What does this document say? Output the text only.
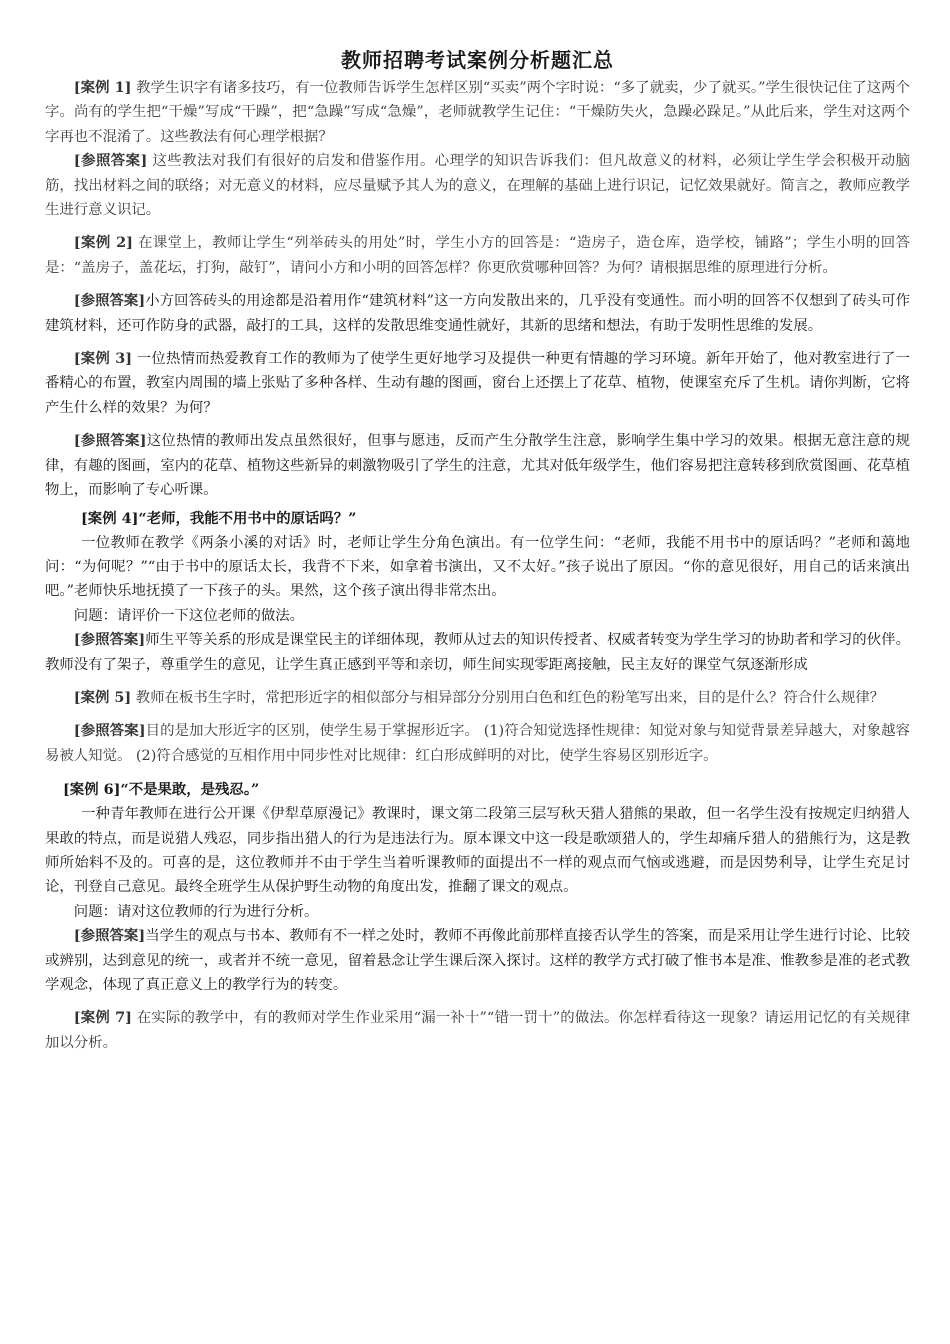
教师招聘考试案例分析题汇总

[案例 1] 教学生识字有诸多技巧，有一位教师告诉学生怎样区别“买卖”两个字时说：“多了就卖，少了就买。”学生很快记住了这两个字。尚有的学生把“干燥”写成“干躁”，把“急躁”写成“急燥”，老师就教学生记住：“干燥防失火，急躁必跺足。”从此后来，学生对这两个字再也不混淆了。这些教法有何心理学根据？

[参照答案] 这些教法对我们有很好的启发和借鉴作用。心理学的知识告诉我们：但凡故意义的材料，必须让学生学会积极开动脑筋，找出材料之间的联络；对无意义的材料，应尽量赋予其人为的意义，在理解的基础上进行识记，记忆效果就好。简言之，教师应教学生进行意义识记。

[案例 2] 在课堂上，教师让学生“列举砖头的用处”时，学生小方的回答是：“造房子，造仓库，造学校，铺路”；学生小明的回答是：“盖房子，盖花坛，打狗，敲钉”，请问小方和小明的回答怎样？你更欣赏哪种回答？为何？请根据思维的原理进行分析。

[参照答案]小方回答砖头的用途都是沿着用作“建筑材料”这一方向发散出来的，几乎没有变通性。而小明的回答不仅想到了砖头可作建筑材料，还可作防身的武器，敲打的工具，这样的发散思维变通性就好，其新的思绪和想法，有助于发明性思维的发展。

[案例 3] 一位热情而热爱教育工作的教师为了使学生更好地学习及提供一种更有情趣的学习环境。新年开始了，他对教室进行了一番精心的布置，教室内周围的墙上张贴了多种各样、生动有趣的图画，窗台上还摆上了花草、植物，使课室充斥了生机。请你判断，它将产生什么样的效果？为何？

[参照答案]这位热情的教师出发点虽然很好，但事与愿违，反而产生分散学生注意，影响学生集中学习的效果。根据无意注意的规律，有趣的图画，室内的花草、植物这些新异的刺激物吸引了学生的注意，尤其对低年级学生，他们容易把注意转移到欣赏图画、花草植物上，而影响了专心听课。

[案例 4]“老师，我能不用书中的原话吗？”

一位教师在教学《两条小溪的对话》时，老师让学生分角色演出。有一位学生问：“老师，我能不用书中的原话吗？”老师和蔼地问：“为何呢？”“由于书中的原话太长，我背不下来，如拿着书演出，又不太好。”孩子说出了原因。“你的意见很好，用自己的话来演出吧。”老师快乐地抚摸了一下孩子的头。果然，这个孩子演出得非常杰出。

问题：请评价一下这位老师的做法。

[参照答案]师生平等关系的形成是课堂民主的详细体现，教师从过去的知识传授者、权威者转变为学生学习的协助者和学习的伙伴。教师没有了架子，尊重学生的意见，让学生真正感到平等和亲切，师生间实现零距离接触，民主友好的课堂气氛逐渐形成

[案例 5] 教师在板书生字时，常把形近字的相似部分与相异部分分别用白色和红色的粉笔写出来，目的是什么？符合什么规律？

[参照答案]目的是加大形近字的区别，使学生易于掌握形近字。 (1)符合知觉选择性规律：知觉对象与知觉背景差异越大，对象越容易被人知觉。 (2)符合感觉的互相作用中同步性对比规律：红白形成鲜明的对比，使学生容易区别形近字。

[案例 6]“不是果敢，是残忍。”

一种青年教师在进行公开课《伊犁草原漫记》教课时，课文第二段第三层写秋天猎人猎熊的果敢，但一名学生没有按规定归纳猎人果敢的特点，而是说猎人残忍，同步指出猎人的行为是违法行为。原本课文中这一段是歌颂猎人的，学生却痛斥猎人的猎熊行为，这是教师所始料不及的。可喜的是，这位教师并不由于学生当着听课教师的面提出不一样的观点而气恼或逃避，而是因势利导，让学生充足讨论，刊登自己意见。最终全班学生从保护野生动物的角度出发，推翻了课文的观点。

问题：请对这位教师的行为进行分析。

[参照答案]当学生的观点与书本、教师有不一样之处时，教师不再像此前那样直接否认学生的答案，而是采用让学生进行讨论、比较或辨别，达到意见的统一，或者并不统一意见，留着悬念让学生课后深入探讨。这样的教学方式打破了惟书本是准、惟教参是准的老式教学观念，体现了真正意义上的教学行为的转变。

[案例 7] 在实际的教学中，有的教师对学生作业采用“漏一补十”“错一罚十”的做法。你怎样看待这一现象？请运用记忆的有关规律加以分析。
